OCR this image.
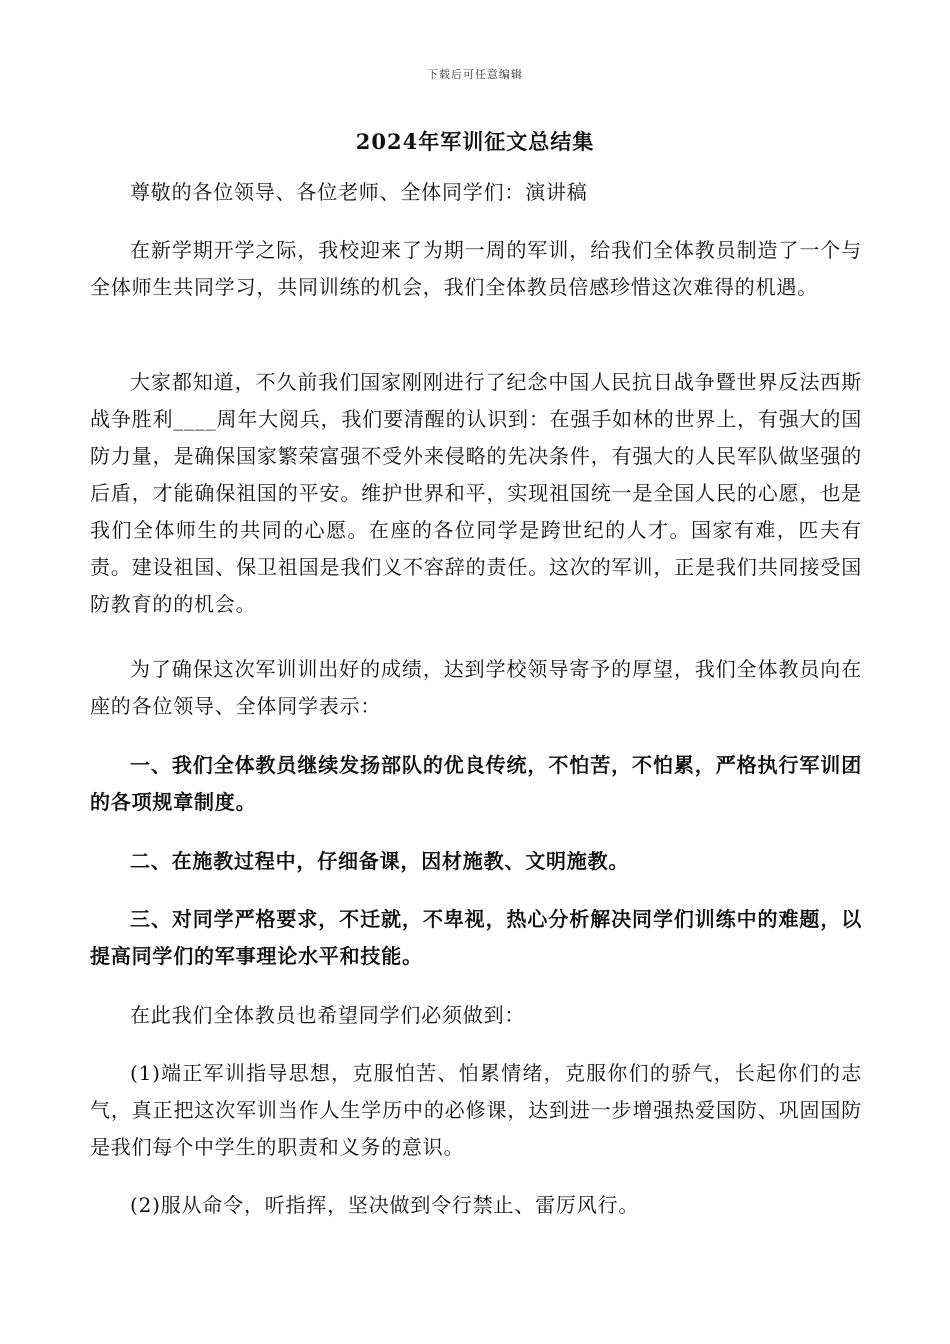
下载后可任意编辑
2024年军训征文总结集

尊敬的各位领导、各位老师、全体同学们：演讲稿

在新学期开学之际，我校迎来了为期一周的军训，给我们全体教员制造了一个与全体师生共同学习，共同训练的机会，我们全体教员倍感珍惜这次难得的机遇。

大家都知道，不久前我们国家刚刚进行了纪念中国人民抗日战争暨世界反法西斯战争胜利____周年大阅兵，我们要清醒的认识到：在强手如林的世界上，有强大的国防力量，是确保国家繁荣富强不受外来侵略的先决条件，有强大的人民军队做坚强的后盾，才能确保祖国的平安。维护世界和平，实现祖国统一是全国人民的心愿，也是我们全体师生的共同的心愿。在座的各位同学是跨世纪的人才。国家有难，匹夫有责。建设祖国、保卫祖国是我们义不容辞的责任。这次的军训，正是我们共同接受国防教育的的机会。

为了确保这次军训训出好的成绩，达到学校领导寄予的厚望，我们全体教员向在座的各位领导、全体同学表示：

一、我们全体教员继续发扬部队的优良传统，不怕苦，不怕累，严格执行军训团的各项规章制度。

二、在施教过程中，仔细备课，因材施教、文明施教。

三、对同学严格要求，不迁就，不卑视，热心分析解决同学们训练中的难题，以提高同学们的军事理论水平和技能。

在此我们全体教员也希望同学们必须做到：

(1)端正军训指导思想，克服怕苦、怕累情绪，克服你们的骄气，长起你们的志气，真正把这次军训当作人生学历中的必修课，达到进一步增强热爱国防、巩固国防是我们每个中学生的职责和义务的意识。

(2)服从命令，听指挥，坚决做到令行禁止、雷厉风行。
